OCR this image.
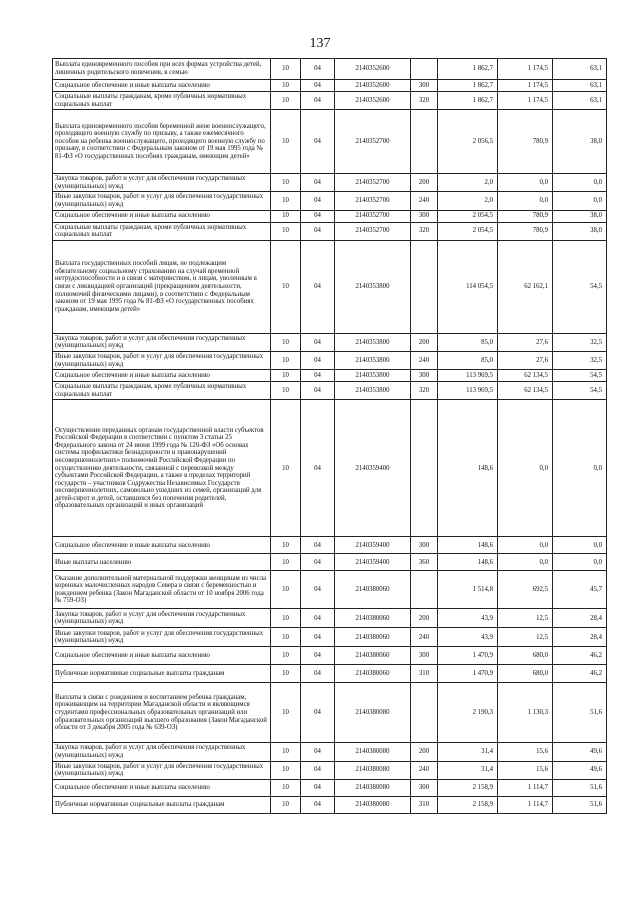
137
Выплата единовременного пособия при всех формах устройства детей, лишенных родительского попечения, в семью	10	04	2140352600		1 862,7	1 174,5	63,1
Социальное обеспечение и иные выплаты населению	10	04	2140352600	300	1 862,7	1 174,5	63,1
Социальные выплаты гражданам, кроме публичных нормативных социальных выплат	10	04	2140352600	320	1 862,7	1 174,5	63,1
Выплата единовременного пособия беременной жене военнослужащего, проходящего военную службу по призыву, а также ежемесячного пособия на ребенка военнослужащего, проходящего военную службу по призыву, в соответствии с Федеральным законом от 19 мая 1995 года № 81-ФЗ «О государственных пособиях гражданам, имеющим детей»	10	04	2140352700		2 056,5	780,9	38,0
Закупка товаров, работ и услуг для обеспечения государственных (муниципальных) нужд	10	04	2140352700	200	2,0	0,0	0,0
Иные закупки товаров, работ и услуг для обеспечения государственных (муниципальных) нужд	10	04	2140352700	240	2,0	0,0	0,0
Социальное обеспечение и иные выплаты населению	10	04	2140352700	300	2 054,5	780,9	38,0
Социальные выплаты гражданам, кроме публичных нормативных социальных выплат	10	04	2140352700	320	2 054,5	780,9	38,0
Выплата государственных пособий лицам, не подлежащим обязательному социальному страхованию на случай временной нетрудоспособности и в связи с материнством, и лицам, уволенным в связи с ликвидацией организаций (прекращением деятельности, полномочий физическими лицами), в соответствии с Федеральным законом от 19 мая 1995 года № 81-ФЗ «О государственных пособиях гражданам, имеющим детей»	10	04	2140353800		114 054,5	62 162,1	54,5
Закупка товаров, работ и услуг для обеспечения государственных (муниципальных) нужд	10	04	2140353800	200	85,0	27,6	32,5
Иные закупки товаров, работ и услуг для обеспечения государственных (муниципальных) нужд	10	04	2140353800	240	85,0	27,6	32,5
Социальное обеспечение и иные выплаты населению	10	04	2140353800	300	113 969,5	62 134,5	54,5
Социальные выплаты гражданам, кроме публичных нормативных социальных выплат	10	04	2140353800	320	113 969,5	62 134,5	54,5
Осуществление переданных органам государственной власти субъектов Российской Федерации в соответствии с пунктом 3 статьи 25 Федерального закона от 24 июня 1999 года № 120-ФЗ «Об основах системы профилактики безнадзорности и правонарушений несовершеннолетних» полномочий Российской Федерации по осуществлению деятельности, связанной с перевозкой между субъектами Российской Федерации, а также в пределах территорий государств – участников Содружества Независимых Государств несовершеннолетних, самовольно ушедших из семей, организаций для детей-сирот и детей, оставшихся без попечения родителей, образовательных организаций и иных организаций	10	04	2140359400		148,6	0,0	0,0
Социальное обеспечение и иные выплаты населению	10	04	2140359400	300	148,6	0,0	0,0
Иные выплаты населению	10	04	2140359400	360	148,6	0,0	0,0
Оказание дополнительной материальной поддержки женщинам из числа коренных малочисленных народов Севера в связи с беременностью и рождением ребенка (Закон Магаданской области от 10 ноября 2006 года № 759-ОЗ)	10	04	2140380060		1 514,8	692,5	45,7
Закупка товаров, работ и услуг для обеспечения государственных (муниципальных) нужд	10	04	2140380060	200	43,9	12,5	28,4
Иные закупки товаров, работ и услуг для обеспечения государственных (муниципальных) нужд	10	04	2140380060	240	43,9	12,5	28,4
Социальное обеспечение и иные выплаты населению	10	04	2140380060	300	1 470,9	680,0	46,2
Публичные нормативные социальные выплаты гражданам	10	04	2140380060	310	1 470,9	680,0	46,2
Выплаты в связи с рождением и воспитанием ребенка гражданам, проживающим на территории Магаданской области и являющимся студентами профессиональных образовательных организаций или образовательных организаций высшего образования (Закон Магаданской области от 3 декабря 2005 года № 639-ОЗ)	10	04	2140380080		2 190,3	1 130,3	51,6
Закупка товаров, работ и услуг для обеспечения государственных (муниципальных) нужд	10	04	2140380080	200	31,4	15,6	49,6
Иные закупки товаров, работ и услуг для обеспечения государственных (муниципальных) нужд	10	04	2140380080	240	31,4	15,6	49,6
Социальное обеспечение и иные выплаты населению	10	04	2140380080	300	2 158,9	1 114,7	51,6
Публичные нормативные социальные выплаты гражданам	10	04	2140380080	310	2 158,9	1 114,7	51,6
